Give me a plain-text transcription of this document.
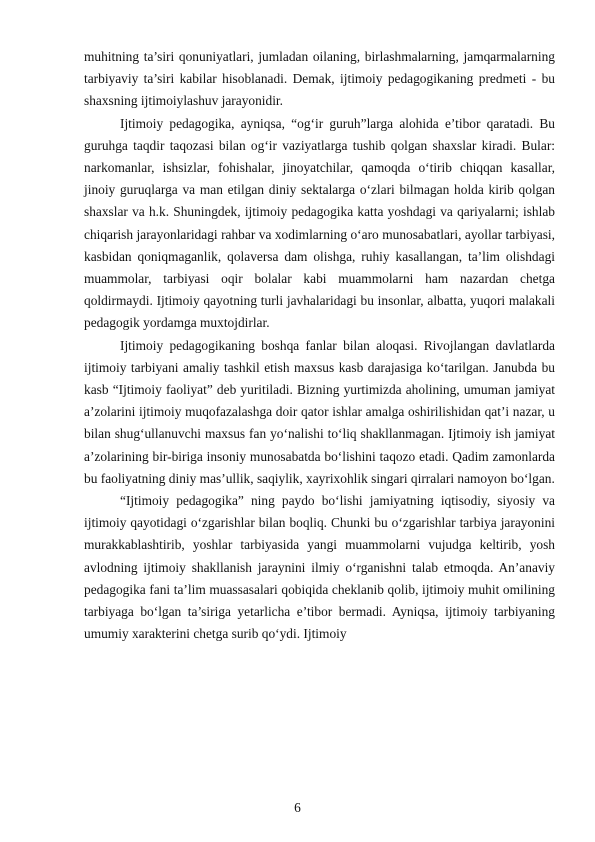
muhitning ta’siri qonuniyatlari, jumladan oilaning, birlashmalarning, jamqarmalarning tarbiyaviy ta’siri kabilar hisoblanadi. Demak, ijtimoiy pedagogikaning predmeti - bu shaxsning ijtimoiylashuv jarayonidir.

Ijtimoiy pedagogika, ayniqsa, “og‘ir guruh”larga alohida e’tibor qaratadi. Bu guruhga taqdir taqozasi bilan og‘ir vaziyatlarga tushib qolgan shaxslar kiradi. Bular: narkomanlar, ishsizlar, fohishalar, jinoyatchilar, qamoqda o‘tirib chiqqan kasallar, jinoiy guruqlarga va man etilgan diniy sektalarga o‘zlari bilmagan holda kirib qolgan shaxslar va h.k. Shuningdek, ijtimoiy pedagogika katta yoshdagi va qariyalarni; ishlab chiqarish jarayonlaridagi rahbar va xodimlarning o‘aro munosabatlari, ayollar tarbiyasi, kasbidan qoniqmaganlik, qolaversa dam olishga, ruhiy kasallangan, ta’lim olishdagi muammolar, tarbiyasi oqir bolalar kabi muammolarni ham nazardan chetga qoldirmaydi. Ijtimoiy qayotning turli javhalaridagi bu insonlar, albatta, yuqori malakali pedagogik yordamga muxtojdirlar.

Ijtimoiy pedagogikaning boshqa fanlar bilan aloqasi. Rivojlangan davlatlarda ijtimoiy tarbiyani amaliy tashkil etish maxsus kasb darajasiga ko‘tarilgan. Janubda bu kasb “Ijtimoiy faoliyat” deb yuritiladi. Bizning yurtimizda aholining, umuman jamiyat a’zolarini ijtimoiy muqofazalashga doir qator ishlar amalga oshirilishidan qat’i nazar, u bilan shug‘ullanuvchi maxsus fan yo‘nalishi to‘liq shakllanmagan. Ijtimoiy ish jamiyat a’zolarining bir-biriga insoniy munosabatda bo‘lishini taqozo etadi. Qadim zamonlarda bu faoliyatning diniy mas’ullik, saqiylik, xayrixohlik singari qirralari namoyon bo‘lgan.

“Ijtimoiy pedagogika” ning paydo bo‘lishi jamiyatning iqtisodiy, siyosiy va ijtimoiy qayotidagi o‘zgarishlar bilan boqliq. Chunki bu o‘zgarishlar tarbiya jarayonini murakkablashtirib, yoshlar tarbiyasida yangi muammolarni vujudga keltirib, yosh avlodning ijtimoiy shakllanish jaraynini ilmiy o‘rganishni talab etmoqda. An’anaviy pedagogika fani ta’lim muassasalari qobiqida cheklanib qolib, ijtimoiy muhit omilining tarbiyaga bo‘lgan ta’siriga yetarlicha e’tibor bermadi. Ayniqsa, ijtimoiy tarbiyaning umumiy xarakterini chetga surib qo‘ydi. Ijtimoiy

6
